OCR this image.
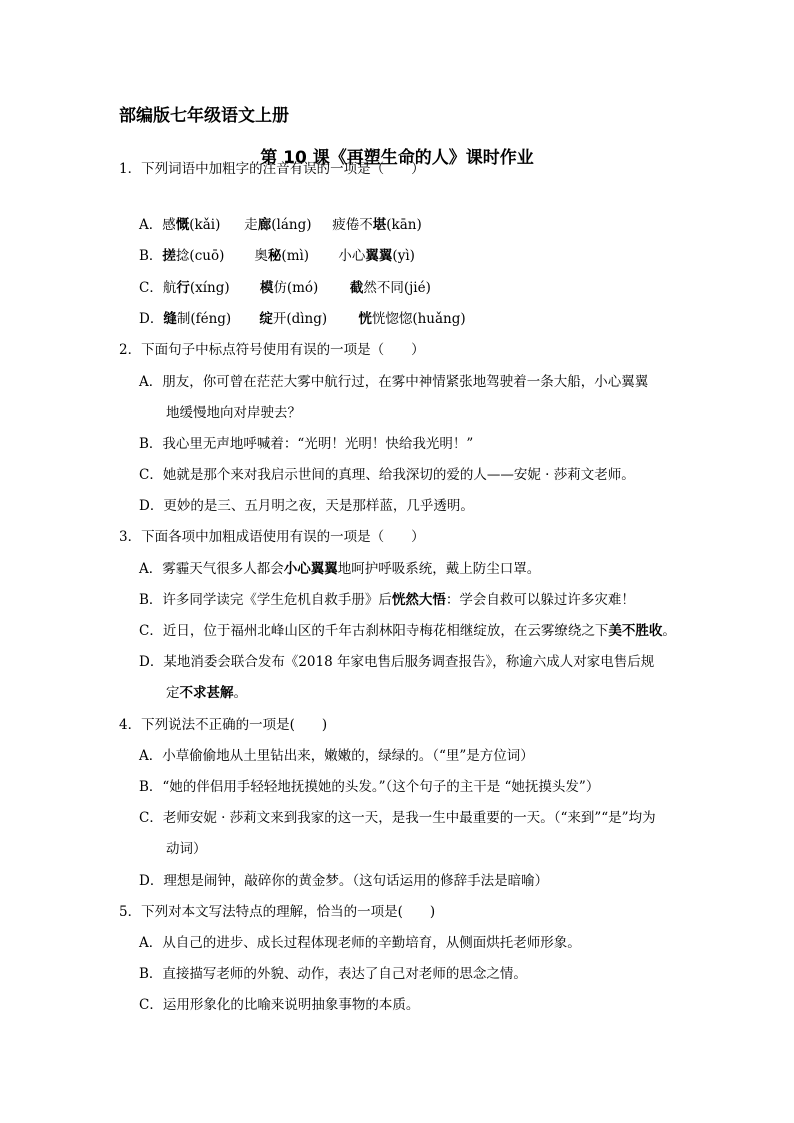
部编版七年级语文上册
第 10 课《再塑生命的人》课时作业
1．下列词语中加粗字的注音有误的一项是（　　）
A．感慨(kǎi) 走廊(láng) 疲倦不堪(kān)
B．搓捻(cuō) 奥秘(mì) 小心翼翼(yì)
C．航行(xíng) 模仿(mó) 截然不同(jié)
D．缝制(féng) 绽开(dìng) 恍恍惚惚(huǎng)
2．下面句子中标点符号使用有误的一项是（　　）
A．朋友，你可曾在茫茫大雾中航行过，在雾中神情紧张地驾驶着一条大船，小心翼翼
地缓慢地向对岸驶去？
B．我心里无声地呼喊着：“光明！光明！快给我光明！”
C．她就是那个来对我启示世间的真理、给我深切的爱的人——安妮 · 莎莉文老师。
D．更妙的是三、五月明之夜，天是那样蓝，几乎透明。
3．下面各项中加粗成语使用有误的一项是（　　）
A．雾霾天气很多人都会小心翼翼地呵护呼吸系统，戴上防尘口罩。
B．许多同学读完《学生危机自救手册》后恍然大悟：学会自救可以躲过许多灾难！
C．近日，位于福州北峰山区的千年古刹林阳寺梅花相继绽放，在云雾缭绕之下美不胜收。
D．某地消委会联合发布《2018 年家电售后服务调查报告》，称逾六成人对家电售后规
定不求甚解。
4．下列说法不正确的一项是(　　)
A．小草偷偷地从土里钻出来，嫩嫩的，绿绿的。（“里”是方位词）
B．“她的伴侣用手轻轻地抚摸她的头发。”（这个句子的主干是 “她抚摸头发”）
C．老师安妮 · 莎莉文来到我家的这一天，是我一生中最重要的一天。（“来到”“是”均为
动词）
D．理想是闹钟，敲碎你的黄金梦。（这句话运用的修辞手法是暗喻）
5．下列对本文写法特点的理解，恰当的一项是(　　)
A．从自己的进步、成长过程体现老师的辛勤培育，从侧面烘托老师形象。
B．直接描写老师的外貌、动作，表达了自己对老师的思念之情。
C．运用形象化的比喻来说明抽象事物的本质。
